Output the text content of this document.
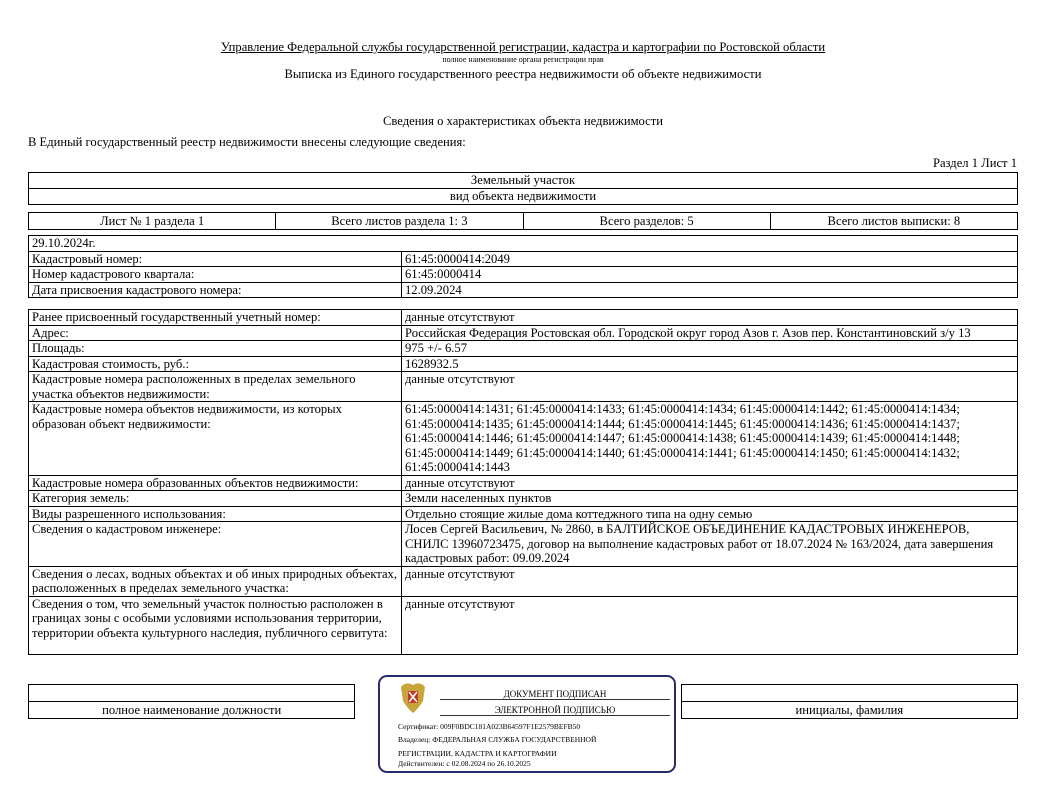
Управление Федеральной службы государственной регистрации, кадастра и картографии по Ростовской области
полное наименование органа регистрации прав
Выписка из Единого государственного реестра недвижимости об объекте недвижимости
Сведения о характеристиках объекта недвижимости
В Единый государственный реестр недвижимости внесены следующие сведения:
Раздел 1 Лист 1
Земельный участок
вид объекта недвижимости
Лист № 1 раздела 1	Всего листов раздела 1: 3	Всего разделов: 5	Всего листов выписки: 8
29.10.2024г.	
Кадастровый номер:	61:45:0000414:2049
Номер кадастрового квартала:	61:45:0000414
Дата присвоения кадастрового номера:	12.09.2024
Ранее присвоенный государственный учетный номер:	данные отсутствуют
Адрес:	Российская Федерация Ростовская обл. Городской округ город Азов г. Азов пер. Константиновский з/у 13
Площадь:	975 +/- 6.57
Кадастровая стоимость, руб.:	1628932.5
Кадастровые номера расположенных в пределах земельного участка объектов недвижимости:	данные отсутствуют
Кадастровые номера объектов недвижимости, из которых образован объект недвижимости:	61:45:0000414:1431; 61:45:0000414:1433; 61:45:0000414:1434; 61:45:0000414:1442; 61:45:0000414:1434; 61:45:0000414:1435; 61:45:0000414:1444; 61:45:0000414:1445; 61:45:0000414:1436; 61:45:0000414:1437; 61:45:0000414:1446; 61:45:0000414:1447; 61:45:0000414:1438; 61:45:0000414:1439; 61:45:0000414:1448; 61:45:0000414:1449; 61:45:0000414:1440; 61:45:0000414:1441; 61:45:0000414:1450; 61:45:0000414:1432; 61:45:0000414:1443
Кадастровые номера образованных объектов недвижимости:	данные отсутствуют
Категория земель:	Земли населенных пунктов
Виды разрешенного использования:	Отдельно стоящие жилые дома коттеджного типа на одну семью
Сведения о кадастровом инженере:	Лосев Сергей Васильевич, № 2860, в БАЛТИЙСКОЕ ОБЪЕДИНЕНИЕ КАДАСТРОВЫХ ИНЖЕНЕРОВ, СНИЛС 13960723475, договор на выполнение кадастровых работ от 18.07.2024 № 163/2024, дата завершения кадастровых работ: 09.09.2024
Сведения о лесах, водных объектах и об иных природных объектах, расположенных в пределах земельного участка:	данные отсутствуют
Сведения о том, что земельный участок полностью расположен в границах зоны с особыми условиями использования территории, территории объекта культурного наследия, публичного сервитута:	данные отсутствуют

полное наименование должности		инициалы, фамилия
ДОКУМЕНТ ПОДПИСАН
ЭЛЕКТРОННОЙ ПОДПИСЬЮ
Сертификат: 009F0BDC181A023B64597F1E2579BEFB50
Владелец: ФЕДЕРАЛЬНАЯ СЛУЖБА ГОСУДАРСТВЕННОЙ
РЕГИСТРАЦИИ, КАДАСТРА И КАРТОГРАФИИ
Действителен: с 02.08.2024 по 26.10.2025
